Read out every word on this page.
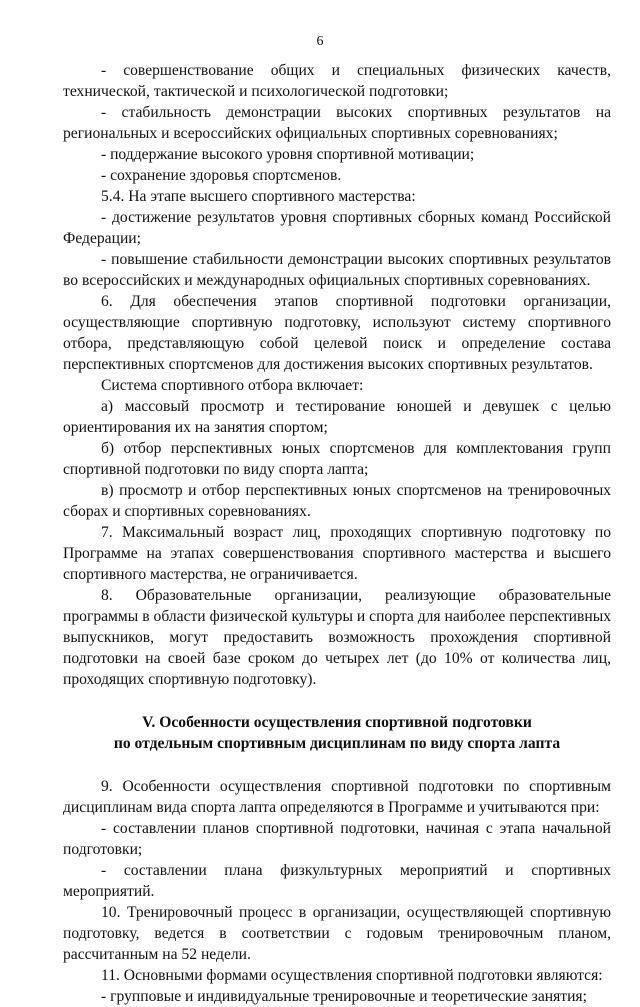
6

- совершенствование общих и специальных физических качеств, технической, тактической и психологической подготовки;

- стабильность демонстрации высоких спортивных результатов на региональных и всероссийских официальных спортивных соревнованиях;

- поддержание высокого уровня спортивной мотивации;

- сохранение здоровья спортсменов.

5.4. На этапе высшего спортивного мастерства:

- достижение результатов уровня спортивных сборных команд Российской Федерации;

- повышение стабильности демонстрации высоких спортивных результатов во всероссийских и международных официальных спортивных соревнованиях.

6. Для обеспечения этапов спортивной подготовки организации, осуществляющие спортивную подготовку, используют систему спортивного отбора, представляющую собой целевой поиск и определение состава перспективных спортсменов для достижения высоких спортивных результатов.

Система спортивного отбора включает:

а) массовый просмотр и тестирование юношей и девушек с целью ориентирования их на занятия спортом;

б) отбор перспективных юных спортсменов для комплектования групп спортивной подготовки по виду спорта лапта;

в) просмотр и отбор перспективных юных спортсменов на тренировочных сборах и спортивных соревнованиях.

7. Максимальный возраст лиц, проходящих спортивную подготовку по Программе на этапах совершенствования спортивного мастерства и высшего спортивного мастерства, не ограничивается.

8. Образовательные организации, реализующие образовательные программы в области физической культуры и спорта для наиболее перспективных выпускников, могут предоставить возможность прохождения спортивной подготовки на своей базе сроком до четырех лет (до 10% от количества лиц, проходящих спортивную подготовку).

V. Особенности осуществления спортивной подготовки

по отдельным спортивным дисциплинам по виду спорта лапта

9. Особенности осуществления спортивной подготовки по спортивным дисциплинам вида спорта лапта определяются в Программе и учитываются при:

- составлении планов спортивной подготовки, начиная с этапа начальной подготовки;

- составлении плана физкультурных мероприятий и спортивных мероприятий.

10. Тренировочный процесс в организации, осуществляющей спортивную подготовку, ведется в соответствии с годовым тренировочным планом, рассчитанным на 52 недели.

11. Основными формами осуществления спортивной подготовки являются:

- групповые и индивидуальные тренировочные и теоретические занятия;
